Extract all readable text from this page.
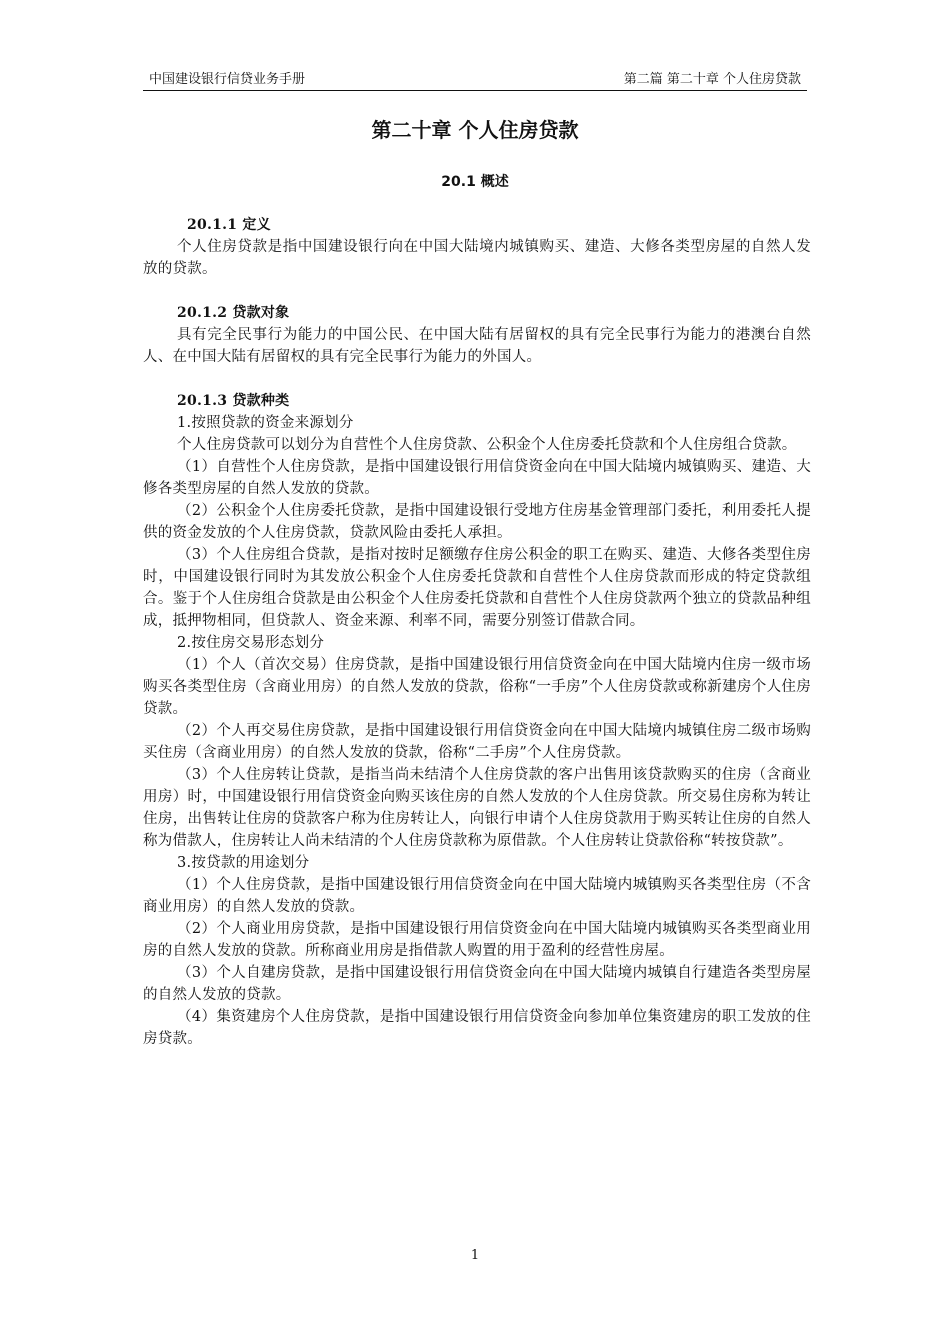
中国建设银行信贷业务手册	第二篇 第二十章 个人住房贷款
第二十章 个人住房贷款
20.1 概述
20.1.1 定义
个人住房贷款是指中国建设银行向在中国大陆境内城镇购买、建造、大修各类型房屋的自然人发放的贷款。
20.1.2 贷款对象
具有完全民事行为能力的中国公民、在中国大陆有居留权的具有完全民事行为能力的港澳台自然人、在中国大陆有居留权的具有完全民事行为能力的外国人。
20.1.3 贷款种类
1.按照贷款的资金来源划分
个人住房贷款可以划分为自营性个人住房贷款、公积金个人住房委托贷款和个人住房组合贷款。
（1）自营性个人住房贷款，是指中国建设银行用信贷资金向在中国大陆境内城镇购买、建造、大修各类型房屋的自然人发放的贷款。
（2）公积金个人住房委托贷款，是指中国建设银行受地方住房基金管理部门委托，利用委托人提供的资金发放的个人住房贷款，贷款风险由委托人承担。
（3）个人住房组合贷款，是指对按时足额缴存住房公积金的职工在购买、建造、大修各类型住房时，中国建设银行同时为其发放公积金个人住房委托贷款和自营性个人住房贷款而形成的特定贷款组合。鉴于个人住房组合贷款是由公积金个人住房委托贷款和自营性个人住房贷款两个独立的贷款品种组成，抵押物相同，但贷款人、资金来源、利率不同，需要分别签订借款合同。
2.按住房交易形态划分
（1）个人（首次交易）住房贷款，是指中国建设银行用信贷资金向在中国大陆境内住房一级市场购买各类型住房（含商业用房）的自然人发放的贷款，俗称“一手房”个人住房贷款或称新建房个人住房贷款。
（2）个人再交易住房贷款，是指中国建设银行用信贷资金向在中国大陆境内城镇住房二级市场购买住房（含商业用房）的自然人发放的贷款，俗称“二手房”个人住房贷款。
（3）个人住房转让贷款，是指当尚未结清个人住房贷款的客户出售用该贷款购买的住房（含商业用房）时，中国建设银行用信贷资金向购买该住房的自然人发放的个人住房贷款。所交易住房称为转让住房，出售转让住房的贷款客户称为住房转让人，向银行申请个人住房贷款用于购买转让住房的自然人称为借款人，住房转让人尚未结清的个人住房贷款称为原借款。个人住房转让贷款俗称“转按贷款”。
3.按贷款的用途划分
（1）个人住房贷款，是指中国建设银行用信贷资金向在中国大陆境内城镇购买各类型住房（不含商业用房）的自然人发放的贷款。
（2）个人商业用房贷款，是指中国建设银行用信贷资金向在中国大陆境内城镇购买各类型商业用房的自然人发放的贷款。所称商业用房是指借款人购置的用于盈利的经营性房屋。
（3）个人自建房贷款，是指中国建设银行用信贷资金向在中国大陆境内城镇自行建造各类型房屋的自然人发放的贷款。
（4）集资建房个人住房贷款，是指中国建设银行用信贷资金向参加单位集资建房的职工发放的住房贷款。
1
